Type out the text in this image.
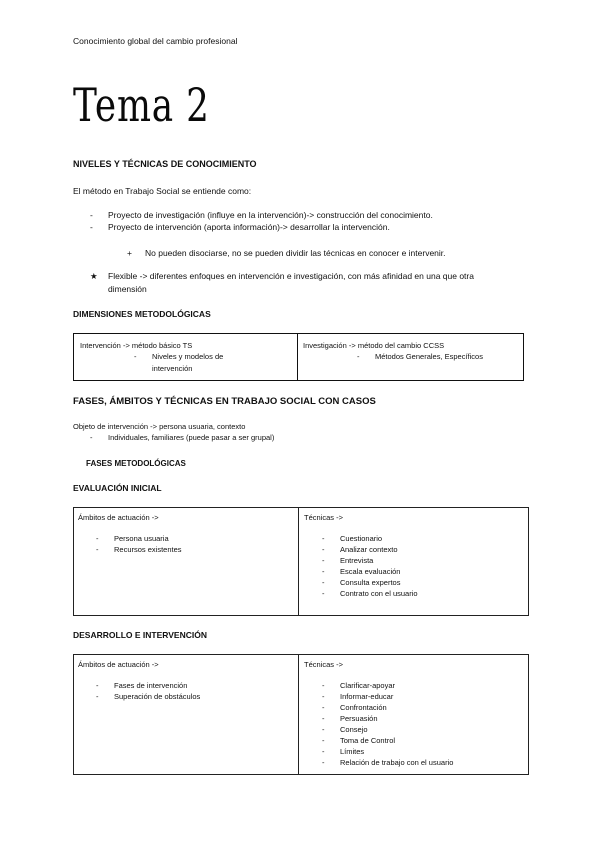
Conocimiento global del cambio profesional
Tema 2
NIVELES Y TÉCNICAS DE CONOCIMIENTO
El método en Trabajo Social se entiende como:
- Proyecto de investigación (influye en la intervención)-> construcción del conocimiento.
- Proyecto de intervención (aporta información)-> desarrollar la intervención.
+ No pueden disociarse, no se pueden dividir las técnicas en conocer e intervenir.
★ Flexible -> diferentes enfoques en intervención e investigación, con más afinidad en una que otra
dimensión
DIMENSIONES METODOLÓGICAS
Intervención -> método básico TS
- Niveles y modelos de
intervención
Investigación -> método del cambio CCSS
- Métodos Generales, Específicos
FASES, ÁMBITOS Y TÉCNICAS EN TRABAJO SOCIAL CON CASOS
Objeto de intervención -> persona usuaria, contexto
- Individuales, familiares (puede pasar a ser grupal)
FASES METODOLÓGICAS
EVALUACIÓN INICIAL
Ámbitos de actuación ->
- Persona usuaria
- Recursos existentes
Técnicas ->
- Cuestionario
- Analizar contexto
- Entrevista
- Escala evaluación
- Consulta expertos
- Contrato con el usuario
DESARROLLO E INTERVENCIÓN
Ámbitos de actuación ->
- Fases de intervención
- Superación de obstáculos
Técnicas ->
- Clarificar-apoyar
- Informar-educar
- Confrontación
- Persuasión
- Consejo
- Toma de Control
- Límites
- Relación de trabajo con el usuario
